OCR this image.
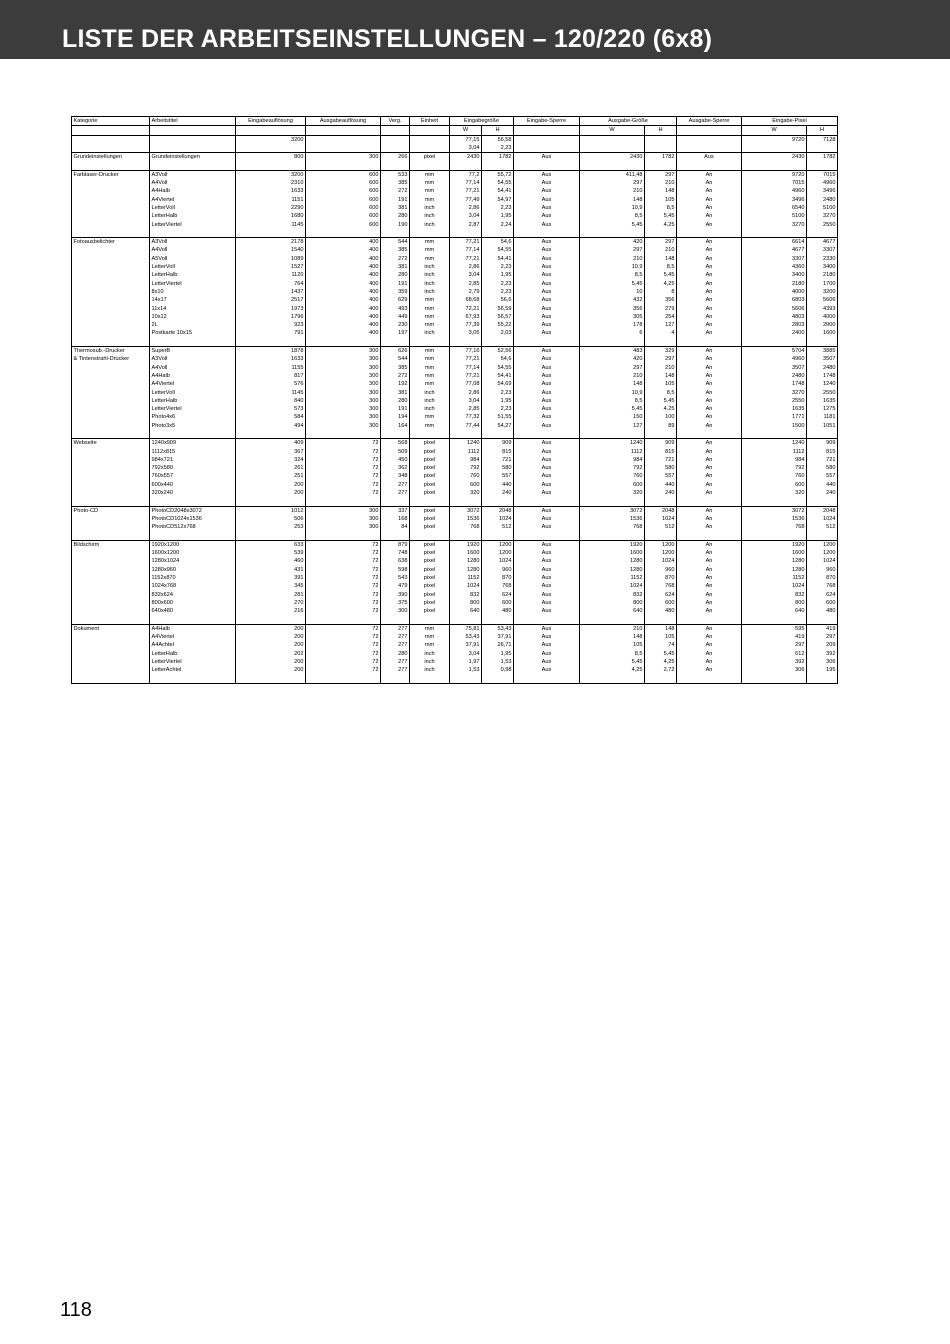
LISTE DER ARBEITSEINSTELLUNGEN – 120/220 (6x8)
Kategorie	Arbeitstitel	Eingabeauflösung	Ausgabeauflösung	Verg.	Einheit	Eingabegröße		Eingabe-Sperre	Ausgabe-Größe		Ausgabe-Sperre	Eingabe-Pixel	
						W	H		W	H		W	H
		3200				77,15	56,58					9720	7128
						3,04	2,23						
Grundeinstellungen	Grundeinstellungen	800	300	266	pixel	2430	1782	Aus	2430	1782	Aus	2430	1782

Farblaser-Drucker	A3Voll	3200	600	533	mm	77,2	55,72	Aus	411,48	297	An	9720	7015
	A4Voll	2310	600	385	mm	77,14	54,55	Aus	297	210	An	7015	4960
	A4Halb	1633	600	272	mm	77,21	54,41	Aus	210	148	An	4960	3496
	A4Viertel	1151	600	191	mm	77,49	54,97	Aus	148	105	An	3496	2480
	LetterVoll	2290	600	381	inch	2,86	2,23	Aus	10,9	8,5	An	6540	5100
	LetterHalb	1680	600	280	inch	3,04	1,95	Aus	8,5	5,45	An	5100	3270
	LetterViertel	1145	600	190	inch	2,87	2,24	Aus	5,45	4,25	An	3270	2550

Fotoausbelichter	A3Voll	2178	400	544	mm	77,21	54,6	Aus	420	297	An	6614	4677
	A4Voll	1540	400	385	mm	77,14	54,55	Aus	297	210	An	4677	3307
	A5Voll	1089	400	272	mm	77,21	54,41	Aus	210	148	An	3307	2330
	LetterVoll	1527	400	381	inch	2,86	2,23	Aus	10,9	8,5	An	4360	3400
	LetterHalb	1120	400	280	inch	3,04	1,95	Aus	8,5	5,45	An	3400	2180
	LetterViertel	764	400	191	inch	2,85	2,23	Aus	5,45	4,25	An	2180	1700
	8x10	1437	400	359	inch	2,79	2,23	Aus	10	8	An	4000	3200
	14x17	2517	400	629	mm	68,68	56,6	Aus	432	356	An	6803	5606
	11x14	1973	400	493	mm	72,21	56,59	Aus	356	279	An	5606	4393
	10x12	1796	400	449	mm	67,93	56,57	Aus	305	254	An	4803	4000
	2L	923	400	230	mm	77,39	55,22	Aus	178	127	An	2803	2000
	Postkarte 10x15	791	400	197	inch	3,05	2,03	Aus	6	4	An	2400	1600

Thermosub.-Drucker	SuperB	1878	300	626	mm	77,16	52,56	Aus	483	329	An	5704	3885
& Tintenstrahl-Drucker	A3Voll	1633	300	544	mm	77,21	54,6	Aus	420	297	An	4960	3507
	A4Voll	1155	300	385	mm	77,14	54,55	Aus	297	210	An	3507	2480
	A4Halb	817	300	272	mm	77,21	54,41	Aus	210	148	An	2480	1748
	A4Viertel	576	300	192	mm	77,08	54,69	Aus	148	105	An	1748	1240
	LetterVoll	1145	300	381	inch	2,86	2,23	Aus	10,9	8,5	An	3270	2550
	LetterHalb	840	300	280	inch	3,04	1,95	Aus	8,5	5,45	An	2550	1635
	LetterViertel	573	300	191	inch	2,85	2,23	Aus	5,45	4,25	An	1635	1275
	Photo4x6	584	300	194	mm	77,32	51,55	Aus	150	100	An	1771	1181
	Photo3x5	494	300	164	mm	77,44	54,27	Aus	127	89	An	1500	1051

Webseite	1240x909	409	72	568	pixel	1240	909	Aus	1240	909	An	1240	909
	1112x815	367	72	509	pixel	1112	815	Aus	1112	815	An	1112	815
	984x721	324	72	450	pixel	984	721	Aus	984	721	An	984	721
	792x580	261	72	362	pixel	792	580	Aus	792	580	An	792	580
	760x557	251	72	348	pixel	760	557	Aus	760	557	An	760	557
	600x440	200	72	277	pixel	600	440	Aus	600	440	An	600	440
	320x240	200	72	277	pixel	320	240	Aus	320	240	An	320	240

Photo-CD	PhotoCD2048x3072	1012	300	337	pixel	3072	2048	Aus	3072	2048	An	3072	2048
	PhotoCD1024x1536	506	300	168	pixel	1536	1024	Aus	1536	1024	An	1536	1024
	PhotoCD512x768	253	300	84	pixel	768	512	Aus	768	512	An	768	512

Bildschirm	1920x1200	633	72	879	pixel	1920	1200	Aus	1920	1200	An	1920	1200
	1600x1200	539	72	748	pixel	1600	1200	Aus	1600	1200	An	1600	1200
	1280x1024	460	72	638	pixel	1280	1024	Aus	1280	1024	An	1280	1024
	1280x960	431	72	598	pixel	1280	960	Aus	1280	960	An	1280	960
	1152x870	391	72	543	pixel	1152	870	Aus	1152	870	An	1152	870
	1024x768	345	72	479	pixel	1024	768	Aus	1024	768	An	1024	768
	832x624	281	72	390	pixel	832	624	Aus	832	624	An	832	624
	800x600	270	72	375	pixel	800	600	Aus	800	600	An	800	600
	640x480	216	72	300	pixel	640	480	Aus	640	480	An	640	480

Dokument	A4Halb	200	72	277	mm	75,81	53,43	Aus	210	148	An	595	419
	A4Viertel	200	72	277	mm	53,43	37,91	Aus	148	105	An	419	297
	A4Achtel	200	72	277	mm	37,91	26,71	Aus	105	74	An	297	209
	LetterHalb	202	72	280	inch	3,04	1,95	Aus	8,5	5,45	An	612	392
	LetterViertel	200	72	277	inch	1,97	1,53	Aus	5,45	4,25	An	392	306
	LetterAchtel	200	72	277	inch	1,53	0,98	Aus	4,25	2,72	An	306	195

118
